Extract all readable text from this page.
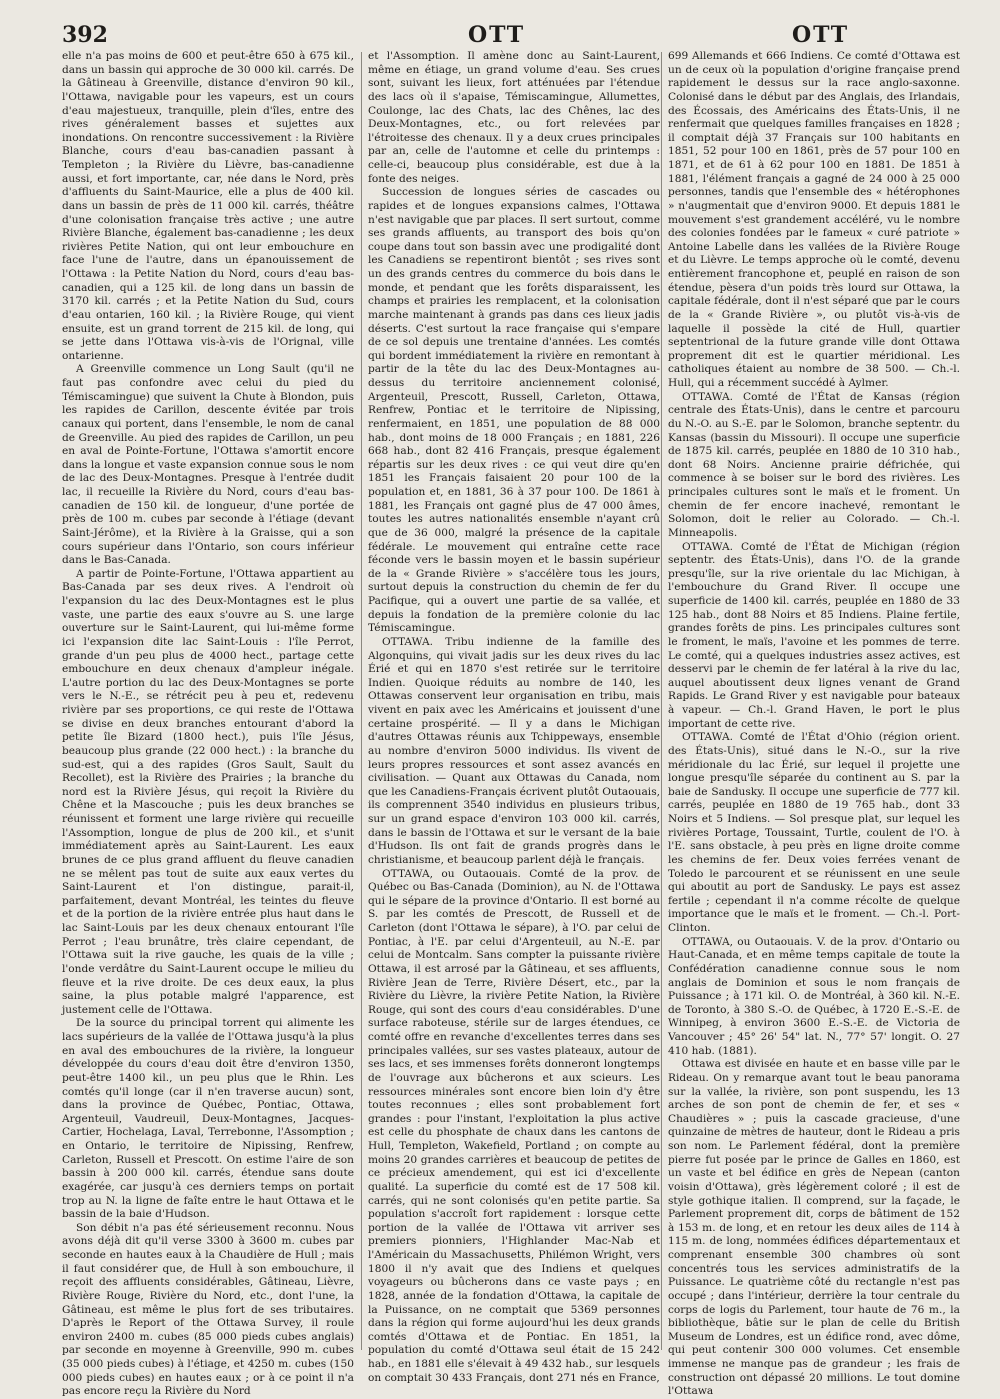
392	OTT	OTT

elle n'a pas moins de 600 et peut-être 650 à 675 kil., dans un bassin qui approche de 30 000 kil. carrés. De la Gâtineau à Greenville, distance d'environ 90 kil., l'Ottawa, navigable pour les vapeurs, est un cours d'eau majestueux, tranquille, plein d'îles, entre des rives généralement basses et sujettes aux inondations. On rencontre successivement : la Rivière Blanche, cours d'eau bas-canadien passant à Templeton ; la Rivière du Lièvre, bas-canadienne aussi, et fort importante, car, née dans le Nord, près d'affluents du Saint-Maurice, elle a plus de 400 kil. dans un bassin de près de 11 000 kil. carrés, théâtre d'une colonisation française très active ; une autre Rivière Blanche, également bas-canadienne ; les deux rivières Petite Nation, qui ont leur embouchure en face l'une de l'autre, dans un épanouissement de l'Ottawa : la Petite Nation du Nord, cours d'eau bas-canadien, qui a 125 kil. de long dans un bassin de 3170 kil. carrés ; et la Petite Nation du Sud, cours d'eau ontarien, 160 kil. ; la Rivière Rouge, qui vient ensuite, est un grand torrent de 215 kil. de long, qui se jette dans l'Ottawa vis-à-vis de l'Orignal, ville ontarienne.

A Greenville commence un Long Sault (qu'il ne faut pas confondre avec celui du pied du Témiscamingue) que suivent la Chute à Blondon, puis les rapides de Carillon, descente évitée par trois canaux qui portent, dans l'ensemble, le nom de canal de Greenville. Au pied des rapides de Carillon, un peu en aval de Pointe-Fortune, l'Ottawa s'amortit encore dans la longue et vaste expansion connue sous le nom de lac des Deux-Montagnes. Presque à l'entrée dudit lac, il recueille la Rivière du Nord, cours d'eau bas-canadien de 150 kil. de longueur, d'une portée de près de 100 m. cubes par seconde à l'étiage (devant Saint-Jérôme), et la Rivière à la Graisse, qui a son cours supérieur dans l'Ontario, son cours inférieur dans le Bas-Canada.

A partir de Pointe-Fortune, l'Ottawa appartient au Bas-Canada par ses deux rives. A l'endroit où l'expansion du lac des Deux-Montagnes est le plus vaste, une partie des eaux s'ouvre au S. une large ouverture sur le Saint-Laurent, qui lui-même forme ici l'expansion dite lac Saint-Louis : l'île Perrot, grande d'un peu plus de 4000 hect., partage cette embouchure en deux chenaux d'ampleur inégale. L'autre portion du lac des Deux-Montagnes se porte vers le N.-E., se rétrécit peu à peu et, redevenu rivière par ses proportions, ce qui reste de l'Ottawa se divise en deux branches entourant d'abord la petite île Bizard (1800 hect.), puis l'île Jésus, beaucoup plus grande (22 000 hect.) : la branche du sud-est, qui a des rapides (Gros Sault, Sault du Recollet), est la Rivière des Prairies ; la branche du nord est la Rivière Jésus, qui reçoit la Rivière du Chêne et la Mascouche ; puis les deux branches se réunissent et forment une large rivière qui recueille l'Assomption, longue de plus de 200 kil., et s'unit immédiatement après au Saint-Laurent. Les eaux brunes de ce plus grand affluent du fleuve canadien ne se mêlent pas tout de suite aux eaux vertes du Saint-Laurent et l'on distingue, parait-il, parfaitement, devant Montréal, les teintes du fleuve et de la portion de la rivière entrée plus haut dans le lac Saint-Louis par les deux chenaux entourant l'île Perrot ; l'eau brunâtre, très claire cependant, de l'Ottawa suit la rive gauche, les quais de la ville ; l'onde verdâtre du Saint-Laurent occupe le milieu du fleuve et la rive droite. De ces deux eaux, la plus saine, la plus potable malgré l'apparence, est justement celle de l'Ottawa.

De la source du principal torrent qui alimente les lacs supérieurs de la vallée de l'Ottawa jusqu'à la plus en aval des embouchures de la rivière, la longueur développée du cours d'eau doit être d'environ 1350, peut-être 1400 kil., un peu plus que le Rhin. Les comtés qu'il longe (car il n'en traverse aucun) sont, dans la province de Québec, Pontiac, Ottawa, Argenteuil, Vaudreuil, Deux-Montagnes, Jacques-Cartier, Hochelaga, Laval, Terrebonne, l'Assomption ; en Ontario, le territoire de Nipissing, Renfrew, Carleton, Russell et Prescott. On estime l'aire de son bassin à 200 000 kil. carrés, étendue sans doute exagérée, car jusqu'à ces derniers temps on portait trop au N. la ligne de faîte entre le haut Ottawa et le bassin de la baie d'Hudson.

Son débit n'a pas été sérieusement reconnu. Nous avons déjà dit qu'il verse 3300 à 3600 m. cubes par seconde en hautes eaux à la Chaudière de Hull ; mais il faut considérer que, de Hull à son embouchure, il reçoit des affluents considérables, Gâtineau, Lièvre, Rivière Rouge, Rivière du Nord, etc., dont l'une, la Gâtineau, est même le plus fort de ses tributaires. D'après le Report of the Ottawa Survey, il roule environ 2400 m. cubes (85 000 pieds cubes anglais) par seconde en moyenne à Greenville, 990 m. cubes (35 000 pieds cubes) à l'étiage, et 4250 m. cubes (150 000 pieds cubes) en hautes eaux ; or à ce point il n'a pas encore reçu la Rivière du Nord

et l'Assomption. Il amène donc au Saint-Laurent, même en étiage, un grand volume d'eau. Ses crues sont, suivant les lieux, fort atténuées par l'étendue des lacs où il s'apaise, Témiscamingue, Allumettes, Coulonge, lac des Chats, lac des Chênes, lac des Deux-Montagnes, etc., ou fort relevées par l'étroitesse des chenaux. Il y a deux crues principales par an, celle de l'automne et celle du printemps : celle-ci, beaucoup plus considérable, est due à la fonte des neiges.

Succession de longues séries de cascades ou rapides et de longues expansions calmes, l'Ottawa n'est navigable que par places. Il sert surtout, comme ses grands affluents, au transport des bois qu'on coupe dans tout son bassin avec une prodigalité dont les Canadiens se repentiront bientôt ; ses rives sont un des grands centres du commerce du bois dans le monde, et pendant que les forêts disparaissent, les champs et prairies les remplacent, et la colonisation marche maintenant à grands pas dans ces lieux jadis déserts. C'est surtout la race française qui s'empare de ce sol depuis une trentaine d'années. Les comtés qui bordent immédiatement la rivière en remontant à partir de la tête du lac des Deux-Montagnes au-dessus du territoire anciennement colonisé, Argenteuil, Prescott, Russell, Carleton, Ottawa, Renfrew, Pontiac et le territoire de Nipissing, renfermaient, en 1851, une population de 88 000 hab., dont moins de 18 000 Français ; en 1881, 226 668 hab., dont 82 416 Français, presque également répartis sur les deux rives : ce qui veut dire qu'en 1851 les Français faisaient 20 pour 100 de la population et, en 1881, 36 à 37 pour 100. De 1861 à 1881, les Français ont gagné plus de 47 000 âmes, toutes les autres nationalités ensemble n'ayant crû que de 36 000, malgré la présence de la capitale fédérale. Le mouvement qui entraîne cette race féconde vers le bassin moyen et le bassin supérieur de la « Grande Rivière » s'accélère tous les jours, surtout depuis la construction du chemin de fer du Pacifique, qui a ouvert une partie de sa vallée, et depuis la fondation de la première colonie du lac Témiscamingue.

OTTAWA. Tribu indienne de la famille des Algonquins, qui vivait jadis sur les deux rives du lac Érié et qui en 1870 s'est retirée sur le territoire Indien. Quoique réduits au nombre de 140, les Ottawas conservent leur organisation en tribu, mais vivent en paix avec les Américains et jouissent d'une certaine prospérité. — Il y a dans le Michigan d'autres Ottawas réunis aux Tchippeways, ensemble au nombre d'environ 5000 individus. Ils vivent de leurs propres ressources et sont assez avancés en civilisation. — Quant aux Ottawas du Canada, nom que les Canadiens-Français écrivent plutôt Outaouais, ils comprennent 3540 individus en plusieurs tribus, sur un grand espace d'environ 103 000 kil. carrés, dans le bassin de l'Ottawa et sur le versant de la baie d'Hudson. Ils ont fait de grands progrès dans le christianisme, et beaucoup parlent déjà le français.

OTTAWA, ou Outaouais. Comté de la prov. de Québec ou Bas-Canada (Dominion), au N. de l'Ottawa qui le sépare de la province d'Ontario. Il est borné au S. par les comtés de Prescott, de Russell et de Carleton (dont l'Ottawa le sépare), à l'O. par celui de Pontiac, à l'E. par celui d'Argenteuil, au N.-E. par celui de Montcalm. Sans compter la puissante rivière Ottawa, il est arrosé par la Gâtineau, et ses affluents, Rivière Jean de Terre, Rivière Désert, etc., par la Rivière du Lièvre, la rivière Petite Nation, la Rivière Rouge, qui sont des cours d'eau considérables. D'une surface raboteuse, stérile sur de larges étendues, ce comté offre en revanche d'excellentes terres dans ses principales vallées, sur ses vastes plateaux, autour de ses lacs, et ses immenses forêts donneront longtemps de l'ouvrage aux bûcherons et aux scieurs. Les ressources minérales sont encore bien loin d'y être toutes reconnues ; elles sont probablement fort grandes : pour l'instant, l'exploitation la plus active est celle du phosphate de chaux dans les cantons de Hull, Templeton, Wakefield, Portland ; on compte au moins 20 grandes carrières et beaucoup de petites de ce précieux amendement, qui est ici d'excellente qualité. La superficie du comté est de 17 508 kil. carrés, qui ne sont colonisés qu'en petite partie. Sa population s'accroît fort rapidement : lorsque cette portion de la vallée de l'Ottawa vit arriver ses premiers pionniers, l'Highlander Mac-Nab et l'Américain du Massachusetts, Philémon Wright, vers 1800 il n'y avait que des Indiens et quelques voyageurs ou bûcherons dans ce vaste pays ; en 1828, année de la fondation d'Ottawa, la capitale de la Puissance, on ne comptait que 5369 personnes dans la région qui forme aujourd'hui les deux grands comtés d'Ottawa et de Pontiac. En 1851, la population du comté d'Ottawa seul était de 15 242 hab., en 1881 elle s'élevait à 49 432 hab., sur lesquels on comptait 30 433 Français, dont 271 nés en France,

699 Allemands et 666 Indiens. Ce comté d'Ottawa est un de ceux où la population d'origine française prend rapidement le dessus sur la race anglo-saxonne. Colonisé dans le début par des Anglais, des Irlandais, des Écossais, des Américains des États-Unis, il ne renfermait que quelques familles françaises en 1828 ; il comptait déjà 37 Français sur 100 habitants en 1851, 52 pour 100 en 1861, près de 57 pour 100 en 1871, et de 61 à 62 pour 100 en 1881. De 1851 à 1881, l'élément français a gagné de 24 000 à 25 000 personnes, tandis que l'ensemble des « hétérophones » n'augmentait que d'environ 9000. Et depuis 1881 le mouvement s'est grandement accéléré, vu le nombre des colonies fondées par le fameux « curé patriote » Antoine Labelle dans les vallées de la Rivière Rouge et du Lièvre. Le temps approche où le comté, devenu entièrement francophone et, peuplé en raison de son étendue, pèsera d'un poids très lourd sur Ottawa, la capitale fédérale, dont il n'est séparé que par le cours de la « Grande Rivière », ou plutôt vis-à-vis de laquelle il possède la cité de Hull, quartier septentrional de la future grande ville dont Ottawa proprement dit est le quartier méridional. Les catholiques étaient au nombre de 38 500. — Ch.-l. Hull, qui a récemment succédé à Aylmer.

OTTAWA. Comté de l'État de Kansas (région centrale des États-Unis), dans le centre et parcouru du N.-O. au S.-E. par le Solomon, branche septentr. du Kansas (bassin du Missouri). Il occupe une superficie de 1875 kil. carrés, peuplée en 1880 de 10 310 hab., dont 68 Noirs. Ancienne prairie défrichée, qui commence à se boiser sur le bord des rivières. Les principales cultures sont le maïs et le froment. Un chemin de fer encore inachevé, remontant le Solomon, doit le relier au Colorado. — Ch.-l. Minneapolis.

OTTAWA. Comté de l'État de Michigan (région septentr. des États-Unis), dans l'O. de la grande presqu'île, sur la rive orientale du lac Michigan, à l'embouchure du Grand River. Il occupe une superficie de 1400 kil. carrés, peuplée en 1880 de 33 125 hab., dont 88 Noirs et 85 Indiens. Plaine fertile, grandes forêts de pins. Les principales cultures sont le froment, le maïs, l'avoine et les pommes de terre. Le comté, qui a quelques industries assez actives, est desservi par le chemin de fer latéral à la rive du lac, auquel aboutissent deux lignes venant de Grand Rapids. Le Grand River y est navigable pour bateaux à vapeur. — Ch.-l. Grand Haven, le port le plus important de cette rive.

OTTAWA. Comté de l'État d'Ohio (région orient. des États-Unis), situé dans le N.-O., sur la rive méridionale du lac Érié, sur lequel il projette une longue presqu'île séparée du continent au S. par la baie de Sandusky. Il occupe une superficie de 777 kil. carrés, peuplée en 1880 de 19 765 hab., dont 33 Noirs et 5 Indiens. — Sol presque plat, sur lequel les rivières Portage, Toussaint, Turtle, coulent de l'O. à l'E. sans obstacle, à peu près en ligne droite comme les chemins de fer. Deux voies ferrées venant de Toledo le parcourent et se réunissent en une seule qui aboutit au port de Sandusky. Le pays est assez fertile ; cependant il n'a comme récolte de quelque importance que le maïs et le froment. — Ch.-l. Port-Clinton.

OTTAWA, ou Outaouais. V. de la prov. d'Ontario ou Haut-Canada, et en même temps capitale de toute la Confédération canadienne connue sous le nom anglais de Dominion et sous le nom français de Puissance ; à 171 kil. O. de Montréal, à 360 kil. N.-E. de Toronto, à 380 S.-O. de Québec, à 1720 E.-S.-E. de Winnipeg, à environ 3600 E.-S.-E. de Victoria de Vancouver ; 45° 26' 54" lat. N., 77° 57' longit. O. 27 410 hab. (1881).

Ottawa est divisée en haute et en basse ville par le Rideau. On y remarque avant tout le beau panorama sur la vallée, la rivière, son pont suspendu, les 13 arches de son pont de chemin de fer, et ses « Chaudières » ; puis la cascade gracieuse, d'une quinzaine de mètres de hauteur, dont le Rideau a pris son nom. Le Parlement fédéral, dont la première pierre fut posée par le prince de Galles en 1860, est un vaste et bel édifice en grès de Nepean (canton voisin d'Ottawa), grès légèrement coloré ; il est de style gothique italien. Il comprend, sur la façade, le Parlement proprement dit, corps de bâtiment de 152 à 153 m. de long, et en retour les deux ailes de 114 à 115 m. de long, nommées édifices départementaux et comprenant ensemble 300 chambres où sont concentrés tous les services administratifs de la Puissance. Le quatrième côté du rectangle n'est pas occupé ; dans l'intérieur, derrière la tour centrale du corps de logis du Parlement, tour haute de 76 m., la bibliothèque, bâtie sur le plan de celle du British Museum de Londres, est un édifice rond, avec dôme, qui peut contenir 300 000 volumes. Cet ensemble immense ne manque pas de grandeur ; les frais de construction ont dépassé 20 millions. Le tout domine l'Ottawa
